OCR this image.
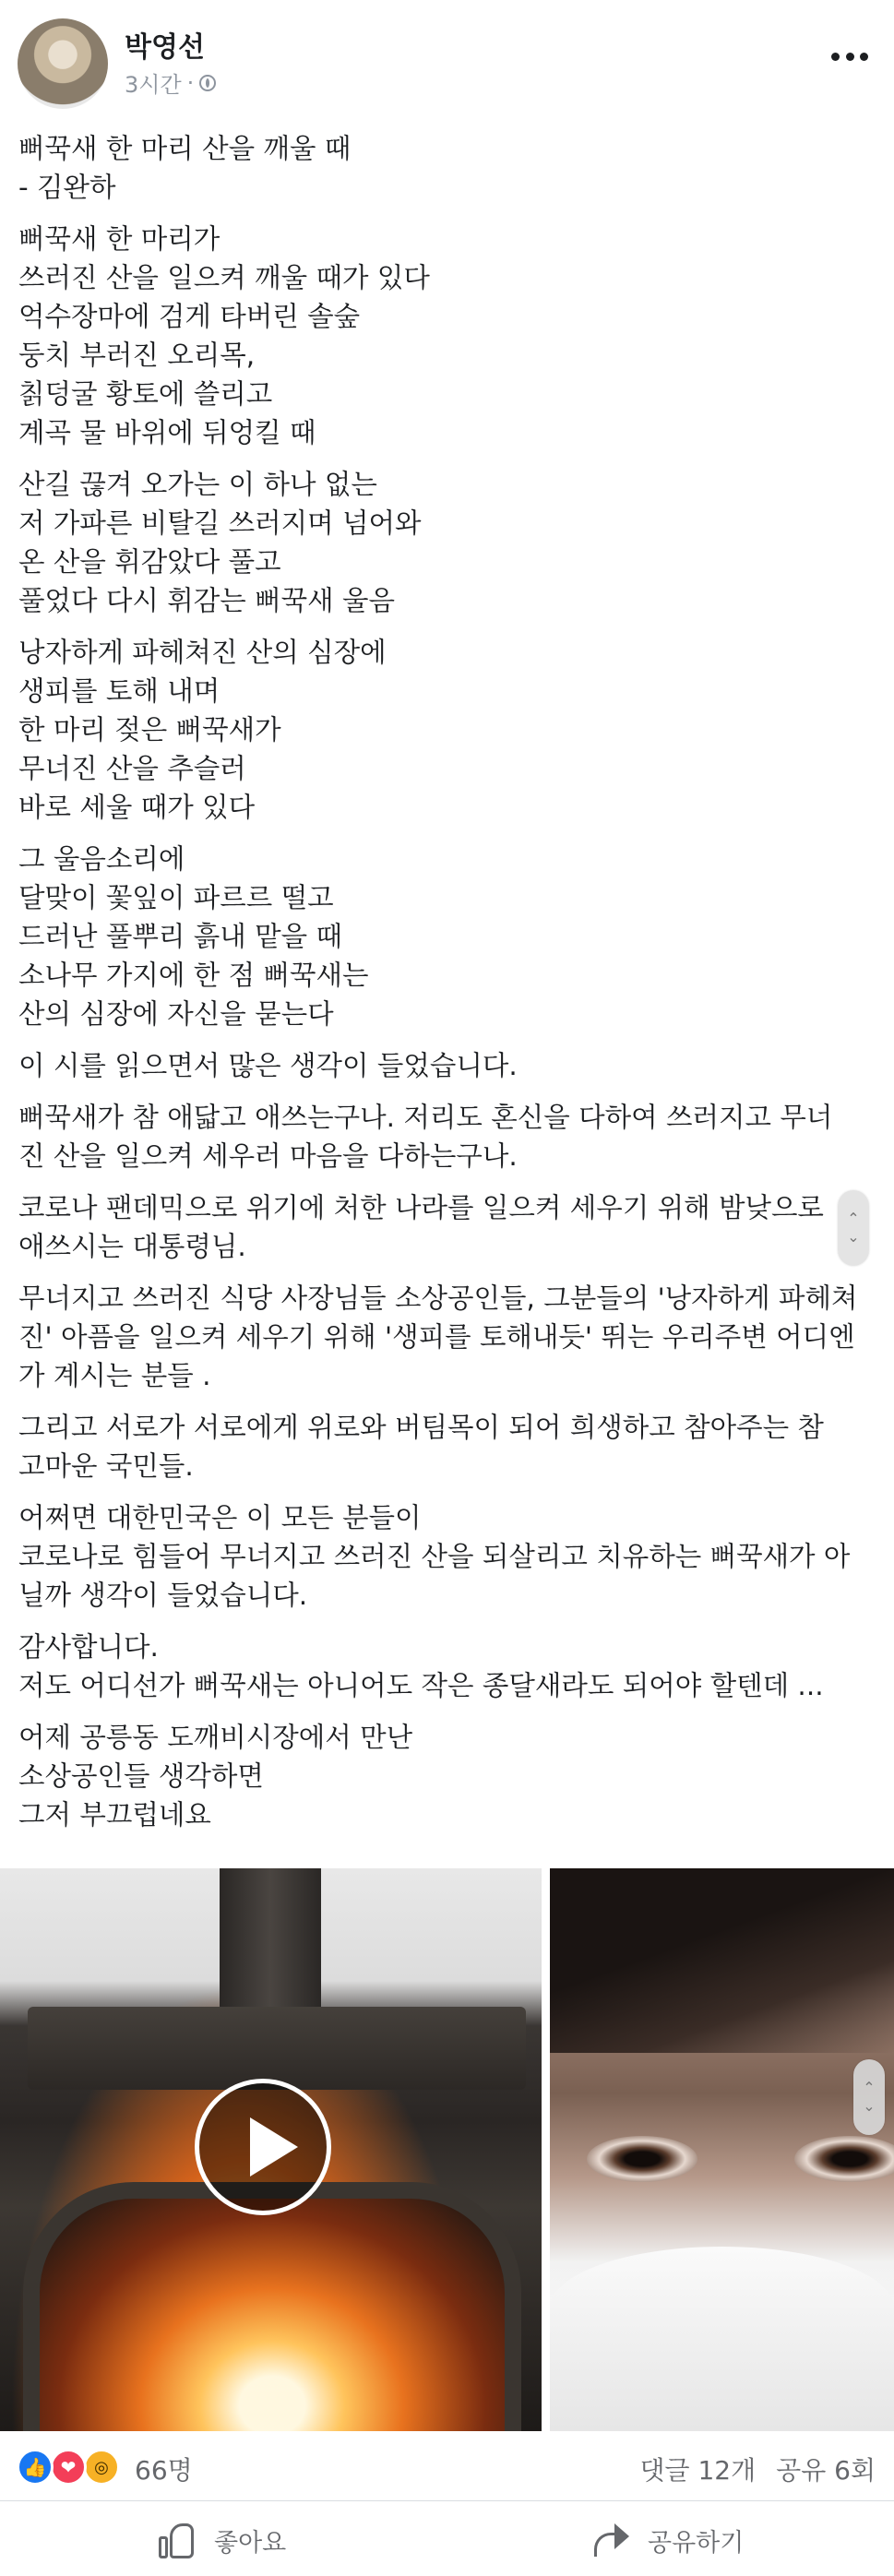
박영선
3시간 ·

뻐꾹새 한 마리 산을 깨울 때
- 김완하

뻐꾹새 한 마리가
쓰러진 산을 일으켜 깨울 때가 있다
억수장마에 검게 타버린 솔숲
둥치 부러진 오리목,
칡덩굴 황토에 쓸리고
계곡 물 바위에 뒤엉킬 때

산길 끊겨 오가는 이 하나 없는
저 가파른 비탈길 쓰러지며 넘어와
온 산을 휘감았다 풀고
풀었다 다시 휘감는 뻐꾹새 울음

낭자하게 파헤쳐진 산의 심장에
생피를 토해 내며
한 마리 젖은 뻐꾹새가
무너진 산을 추슬러
바로 세울 때가 있다

그 울음소리에
달맞이 꽃잎이 파르르 떨고
드러난 풀뿌리 흙내 맡을 때
소나무 가지에 한 점 뻐꾹새는
산의 심장에 자신을 묻는다

이 시를 읽으면서 많은 생각이 들었습니다.

뻐꾹새가 참 애닯고 애쓰는구나. 저리도 혼신을 다하여 쓰러지고 무너
진 산을 일으켜 세우러 마음을 다하는구나.

코로나 팬데믹으로 위기에 처한 나라를 일으켜 세우기 위해 밤낮으로
애쓰시는 대통령님.

무너지고 쓰러진 식당 사장님들 소상공인들, 그분들의 '낭자하게 파헤쳐
진' 아픔을 일으켜 세우기 위해 '생피를 토해내듯' 뛰는 우리주변 어디엔
가 계시는 분들 .

그리고 서로가 서로에게 위로와 버팀목이 되어 희생하고 참아주는 참
고마운 국민들.

어쩌면 대한민국은 이 모든 분들이
코로나로 힘들어 무너지고 쓰러진 산을 되살리고 치유하는 뻐꾹새가 아
닐까 생각이 들었습니다.

감사합니다.
저도 어디선가 뻐꾹새는 아니어도 작은 종달새라도 되어야 할텐데 ...

어제 공릉동 도깨비시장에서 만난
소상공인들 생각하면
그저 부끄럽네요

⌃
⌄
⌃
⌄
👍 ❤	◎	66명	댓글 12개 공유 6회
좋아요	공유하기
